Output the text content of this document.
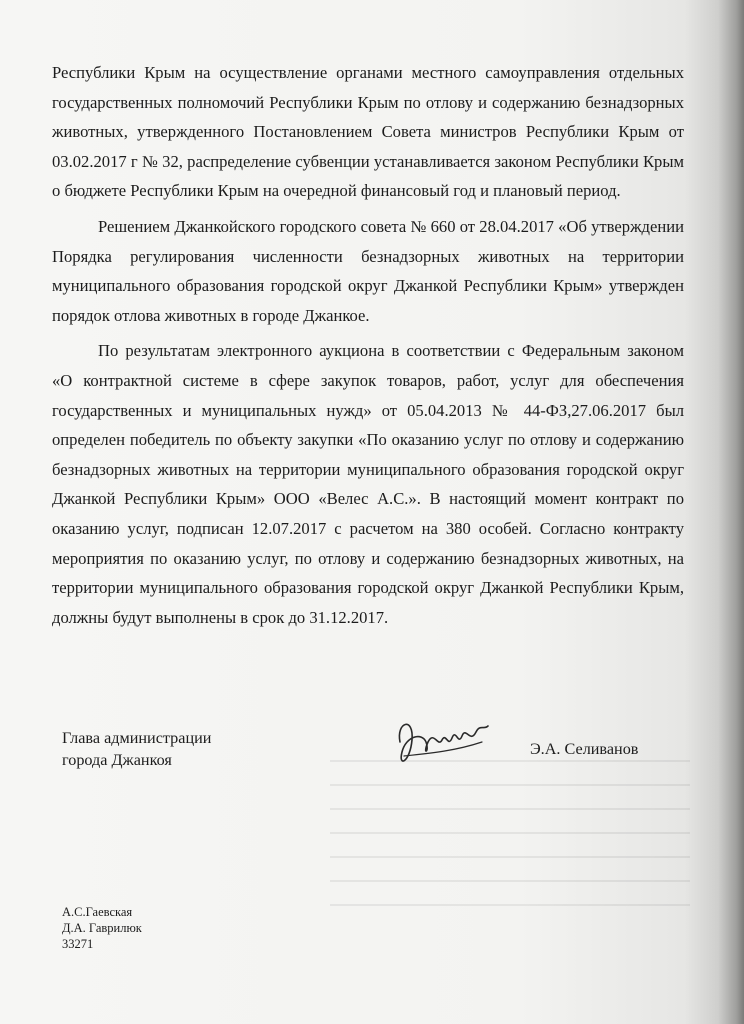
Республики Крым на осуществление органами местного самоуправления отдельных государственных полномочий Республики Крым по отлову и содержанию безнадзорных животных, утвержденного Постановлением Совета министров Республики Крым от 03.02.2017 г № 32, распределение субвенции устанавливается законом Республики Крым о бюджете Республики Крым на очередной финансовый год и плановый период.

Решением Джанкойского городского совета № 660 от 28.04.2017 «Об утверждении Порядка регулирования численности безнадзорных животных на территории муниципального образования городской округ Джанкой Республики Крым» утвержден порядок отлова животных в городе Джанкое.

По результатам электронного аукциона в соответствии с Федеральным законом «О контрактной системе в сфере закупок товаров, работ, услуг для обеспечения государственных и муниципальных нужд» от 05.04.2013 № 44-ФЗ,27.06.2017 был определен победитель по объекту закупки «По оказанию услуг по отлову и содержанию безнадзорных животных на территории муниципального образования городской округ Джанкой Республики Крым» ООО «Велес А.С.». В настоящий момент контракт по оказанию услуг, подписан 12.07.2017 с расчетом на 380 особей. Согласно контракту мероприятия по оказанию услуг, по отлову и содержанию безнадзорных животных, на территории муниципального образования городской округ Джанкой Республики Крым, должны будут выполнены в срок до 31.12.2017.

Глава администрации
города Джанкоя
Э.А. Селиванов
А.С.Гаевская
Д.А. Гаврилюк
33271
